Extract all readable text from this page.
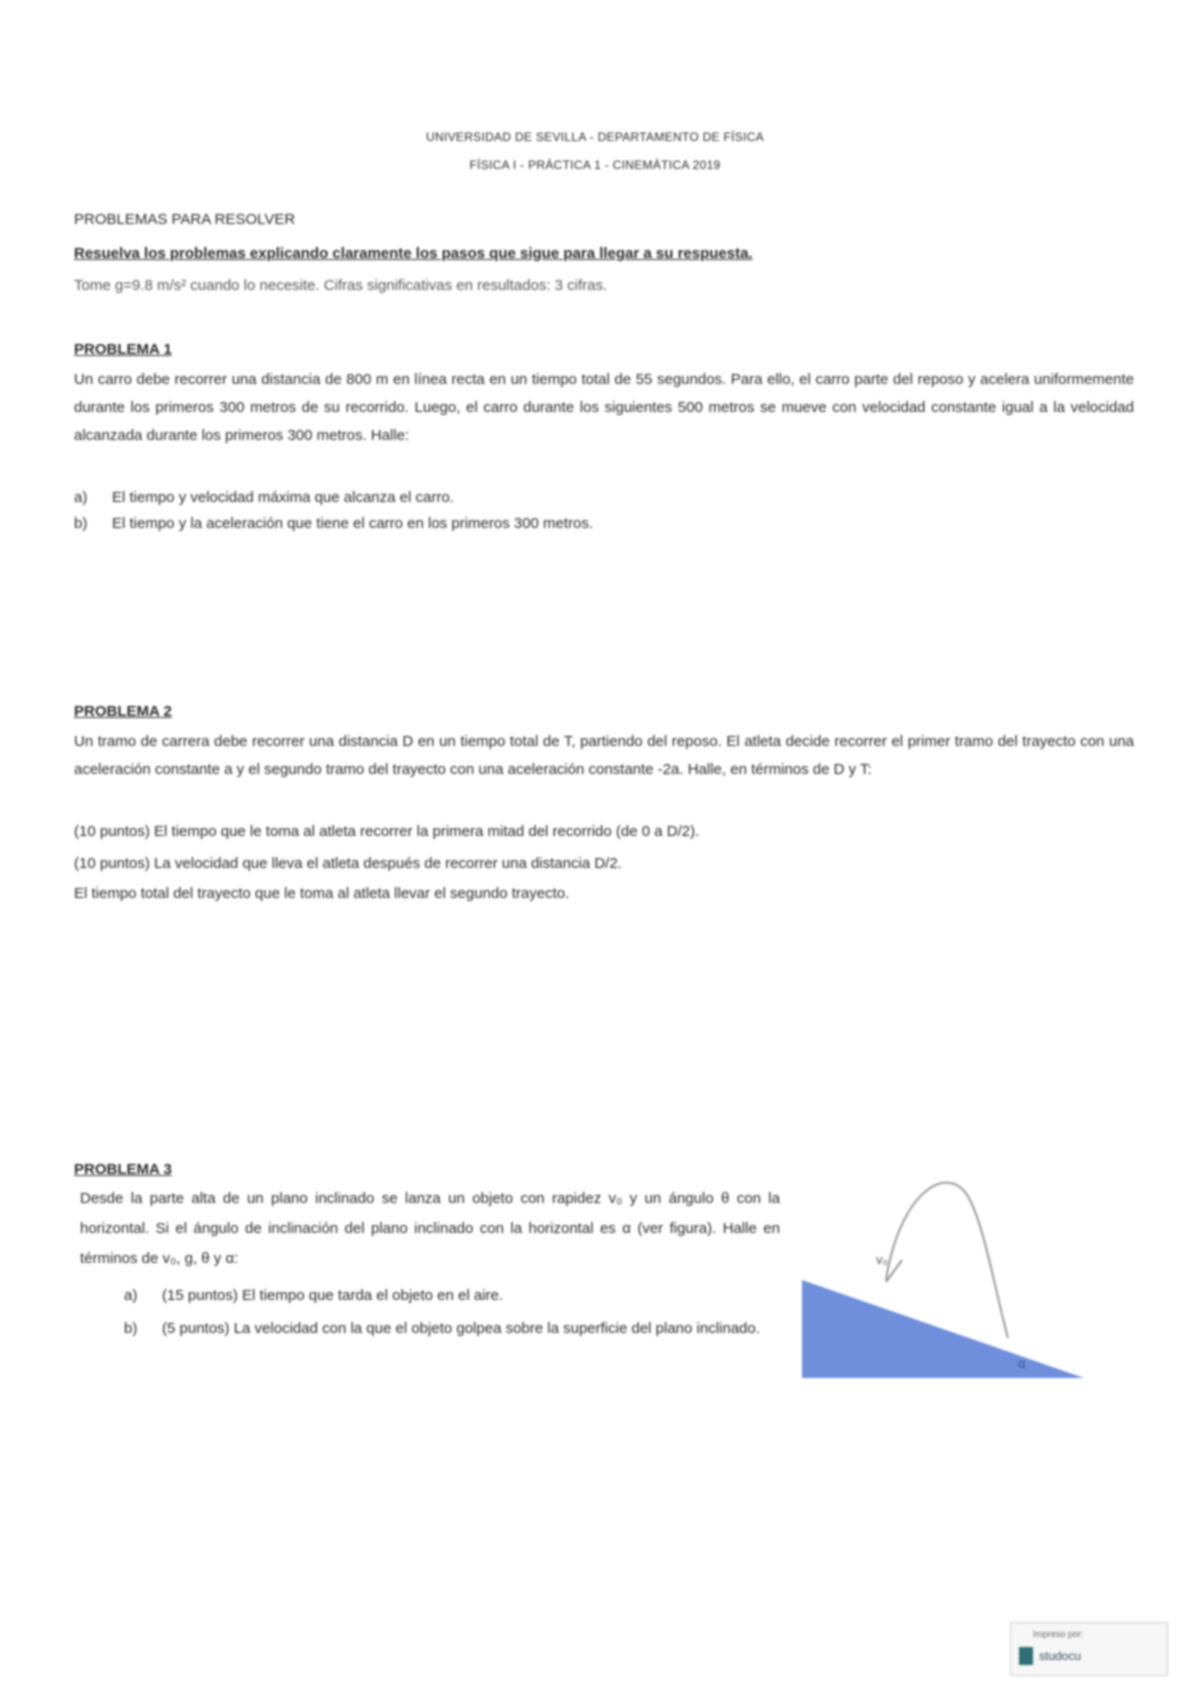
UNIVERSIDAD DE SEVILLA - DEPARTAMENTO DE FÍSICA
FÍSICA I - PRÁCTICA 1 - CINEMÁTICA 2019
PROBLEMAS PARA RESOLVER
Resuelva los problemas explicando claramente los pasos que sigue para llegar a su respuesta.
Tome g=9.8 m/s² cuando lo necesite. Cifras significativas en resultados: 3 cifras.
PROBLEMA 1
Un carro debe recorrer una distancia de 800 m en línea recta en un tiempo total de 55 segundos. Para ello, el carro parte del reposo y acelera uniformemente durante los primeros 300 metros de su recorrido. Luego, el carro durante los siguientes 500 metros se mueve con velocidad constante igual a la velocidad alcanzada durante los primeros 300 metros. Halle:
a) El tiempo y velocidad máxima que alcanza el carro.
b) El tiempo y la aceleración que tiene el carro en los primeros 300 metros.
PROBLEMA 2
Un tramo de carrera debe recorrer una distancia D en un tiempo total de T, partiendo del reposo. El atleta decide recorrer el primer tramo del trayecto con una aceleración constante a y el segundo tramo del trayecto con una aceleración constante -2a. Halle, en términos de D y T:
(10 puntos) El tiempo que le toma al atleta recorrer la primera mitad del recorrido (de 0 a D/2).
(10 puntos) La velocidad que lleva el atleta después de recorrer una distancia D/2.
El tiempo total del trayecto que le toma al atleta llevar el segundo trayecto.
PROBLEMA 3
Desde la parte alta de un plano inclinado se lanza un objeto con rapidez v₀ y un ángulo θ con la horizontal. Si el ángulo de inclinación del plano inclinado con la horizontal es α (ver figura). Halle en términos de v₀, g, θ y α:
a) (15 puntos) El tiempo que tarda el objeto en el aire.
b)	(5 puntos) La velocidad con la que el objeto golpea sobre la superficie del plano inclinado.
v₀
α
Impreso por:
studocu
